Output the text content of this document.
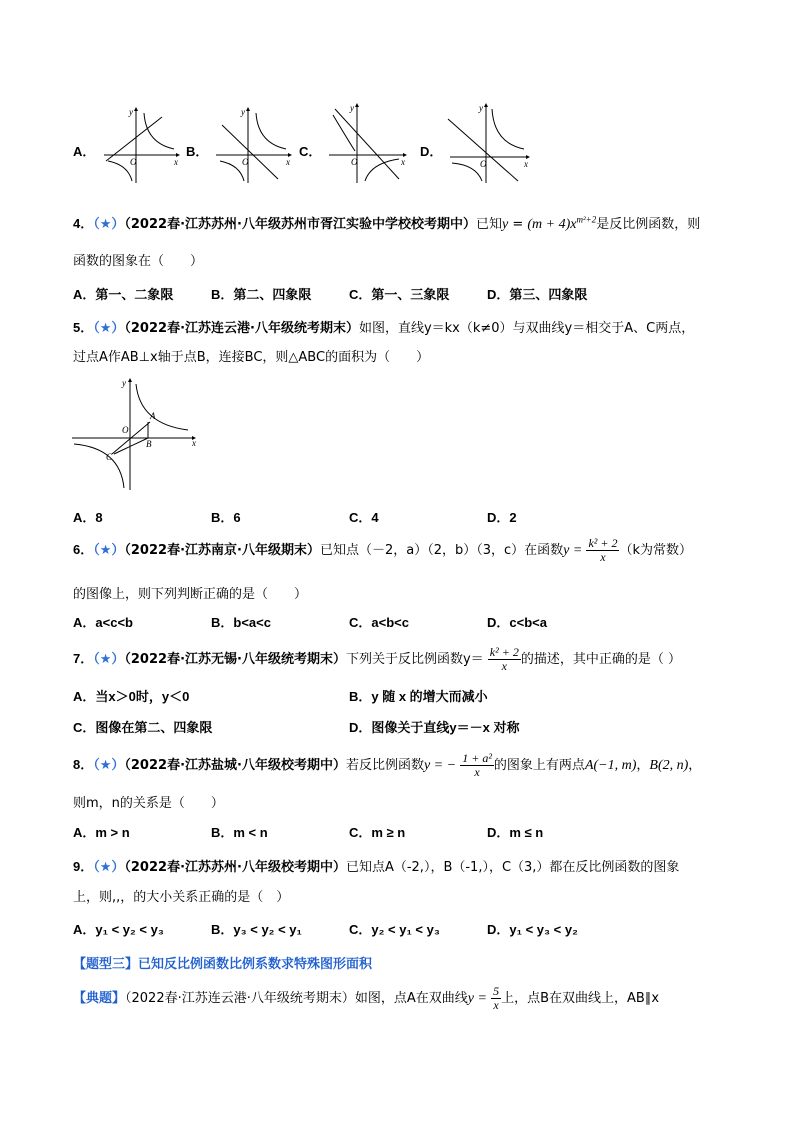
A．
y
x
O
B．
y
x
O
C．
y
x
O
D．
y
x
O
4．（★）（2022春·江苏苏州·八年级苏州市胥江实验中学校校考期中）已知$y = (m + 4)x^{m^2+2}$是反比例函数，则
函数的图象在（　　）
A．第一、二象限	B．第二、四象限	C．第一、三象限	D．第三、四象限
5．（★）（2022春·江苏连云港·八年级统考期末）如图，直线y＝kx（k≠0）与双曲线y＝相交于A、C两点，
过点A作AB⊥x轴于点B，连接BC，则△ABC的面积为（　　）
y
x
O
A
B
C
A．8	B．6	C．4	D．2
6．（★）（2022春·江苏南京·八年级期末）已知点（－2，a）（2，b）（3，c）在函数$y = \frac{\text{k² + 2}}{x} (k$为常数）
的图像上，则下列判断正确的是（　　）
A．a<c<b	B．b<a<c	C．a<b<c	D．c<b<a
7．（★）（2022春·江苏无锡·八年级统考期末）下列关于反比例函数$y= \frac{\text{k² + 2}}{x}$ 的描述，其中正确的是（ ）
A．当x＞0时，y＜0	B．y 随 x 的增大而减小
C．图像在第二、四象限	D．图像关于直线y＝－x 对称
8．（★）（2022春·江苏盐城·八年级校考期中）若反比例函数y = − $\frac{\text{1 + a²}}{x}$ 的图象上有两点A(−1, m)，B(2, n)，
则m，n的关系是（　　）
A．m > n	B．m < n	C．m ≥ n	D．m ≤ n
9．（★）（2022春·江苏苏州·八年级校考期中）已知点A（-2,），B（-1,），C（3,）都在反比例函数的图象
上，则,,，的大小关系正确的是（　）
A．y₁ < y₂ < y₃	B．y₃ < y₂ < y₁	C．y₂ < y₁ < y₃	D．y₁ < y₃ < y₂
【题型三】已知反比例函数比例系数求特殊图形面积
【典题】（2022春·江苏连云港·八年级统考期末）如图，点A在双曲线$y = \frac{5}{x}$ 上，点B在双曲线上，AB∥x
